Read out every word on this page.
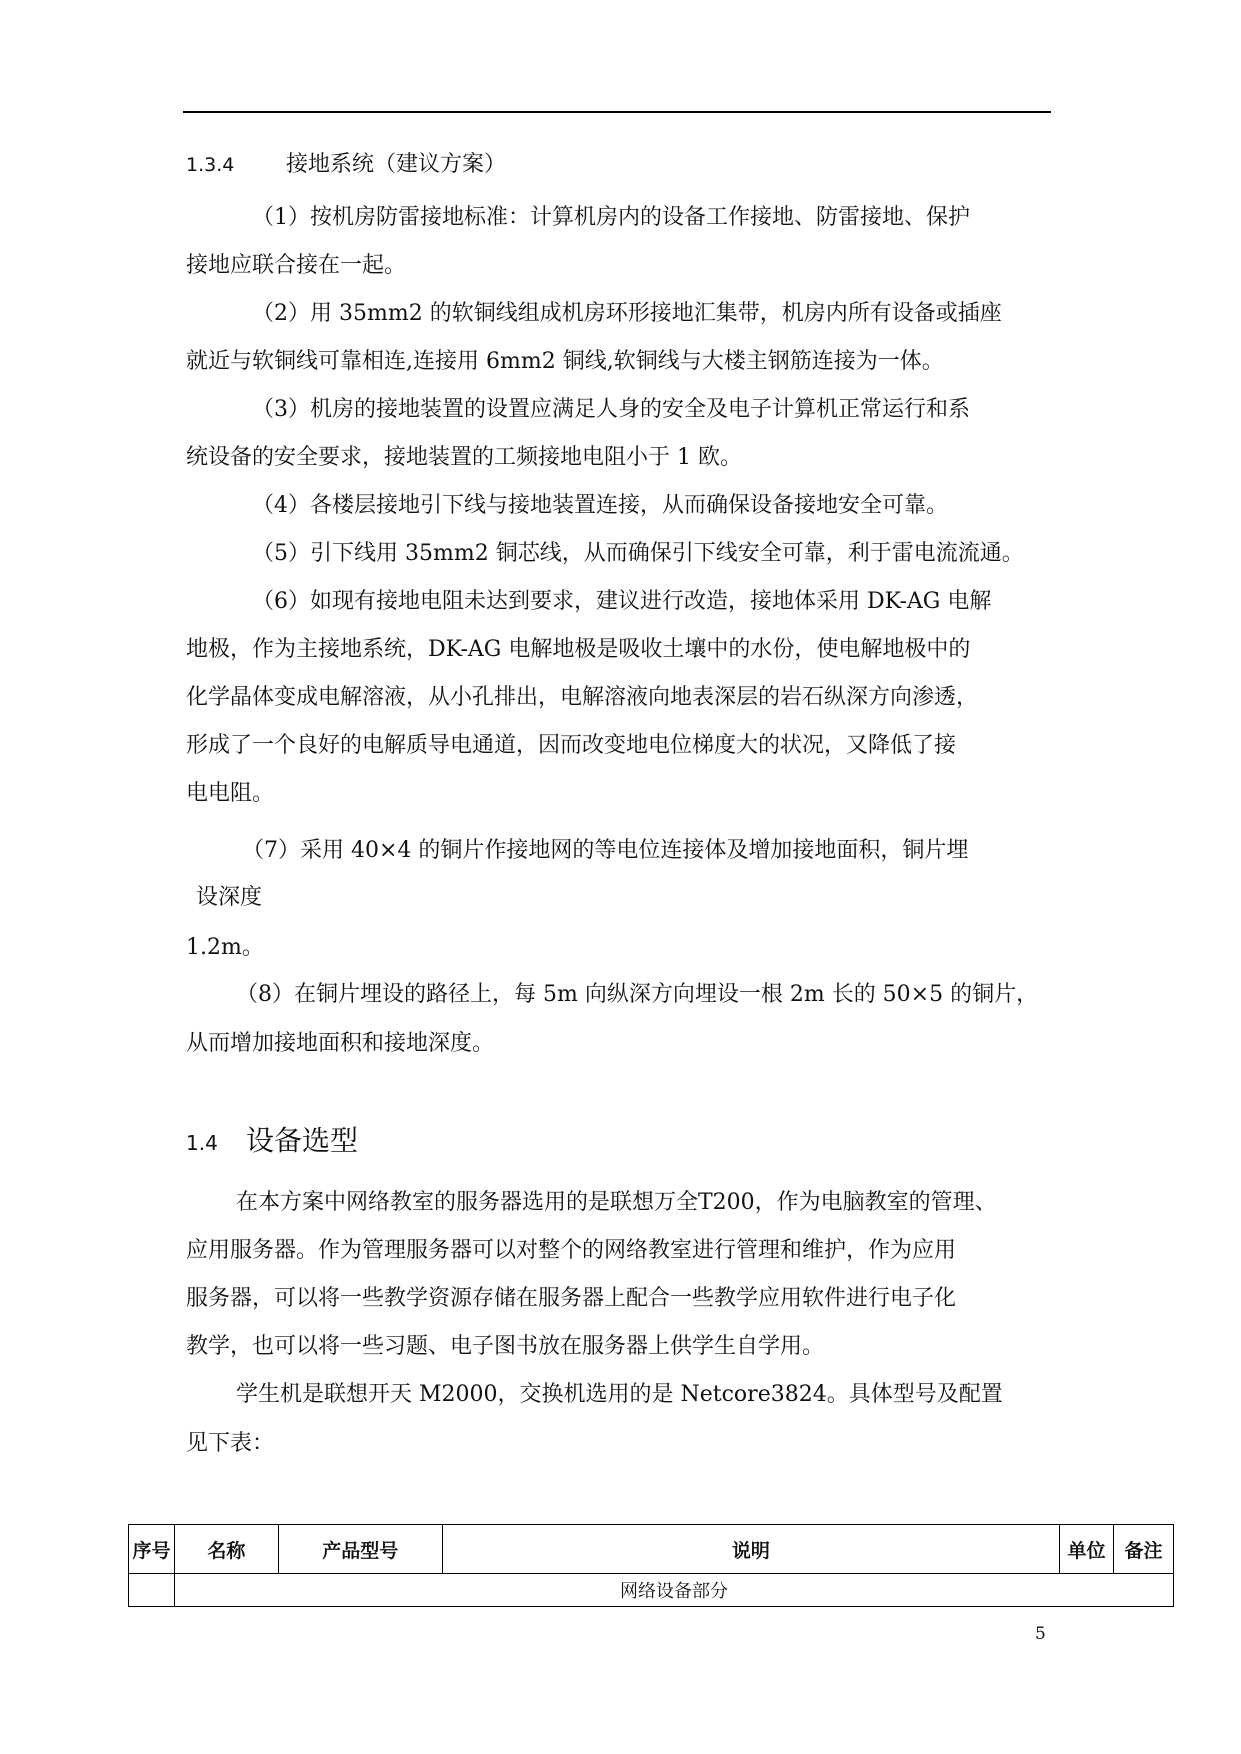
1.3.4 接地系统（建议方案）
（1）按机房防雷接地标准：计算机房内的设备工作接地、防雷接地、保护
接地应联合接在一起。
（2）用 35mm2 的软铜线组成机房环形接地汇集带，机房内所有设备或插座
就近与软铜线可靠相连,连接用 6mm2 铜线,软铜线与大楼主钢筋连接为一体。
（3）机房的接地装置的设置应满足人身的安全及电子计算机正常运行和系
统设备的安全要求，接地装置的工频接地电阻小于 1 欧。
（4）各楼层接地引下线与接地装置连接，从而确保设备接地安全可靠。
（5）引下线用 35mm2 铜芯线，从而确保引下线安全可靠，利于雷电流流通。
（6）如现有接地电阻未达到要求，建议进行改造，接地体采用 DK-AG 电解
地极，作为主接地系统，DK-AG 电解地极是吸收土壤中的水份，使电解地极中的
化学晶体变成电解溶液，从小孔排出，电解溶液向地表深层的岩石纵深方向渗透，
形成了一个良好的电解质导电通道，因而改变地电位梯度大的状况，又降低了接
电电阻。
（7）采用 40×4 的铜片作接地网的等电位连接体及增加接地面积，铜片埋
设深度
1.2m。
（8）在铜片埋设的路径上，每 5m 向纵深方向埋设一根 2m 长的 50×5 的铜片，
从而增加接地面积和接地深度。
1.4 设备选型
在本方案中网络教室的服务器选用的是联想万全T200，作为电脑教室的管理、
应用服务器。作为管理服务器可以对整个的网络教室进行管理和维护，作为应用
服务器，可以将一些教学资源存储在服务器上配合一些教学应用软件进行电子化
教学，也可以将一些习题、电子图书放在服务器上供学生自学用。
学生机是联想开天 M2000，交换机选用的是 Netcore3824。具体型号及配置
见下表：
序号	名称	产品型号	说明	单位	备注
	网络设备部分				
5
